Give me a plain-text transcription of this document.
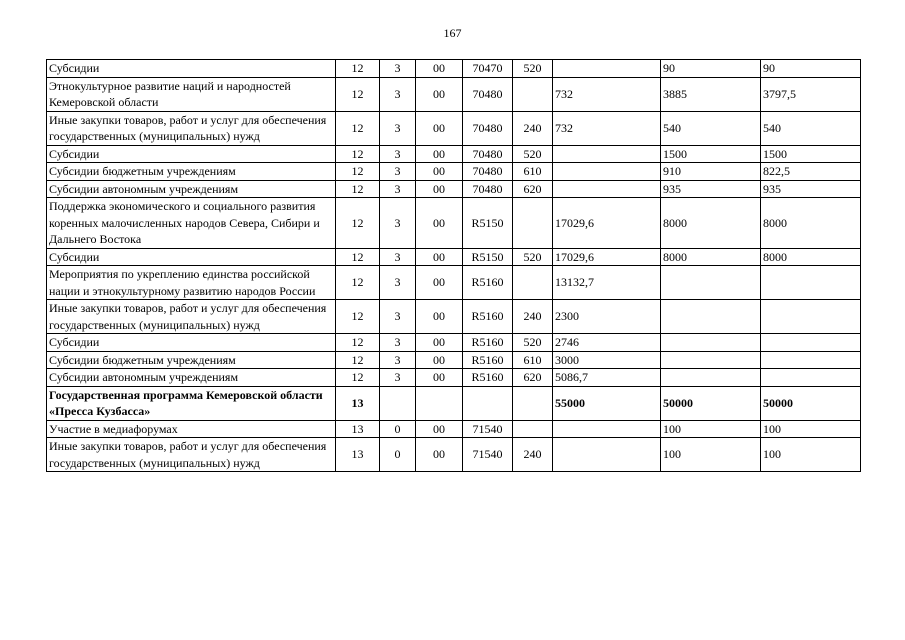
167
Субсидии	12	3	00	70470	520		90	90
Этнокультурное развитие наций и народностей Кемеровской области	12	3	00	70480		732	3885	3797,5
Иные закупки товаров, работ и услуг для обеспечения государственных (муниципальных) нужд	12	3	00	70480	240	732	540	540
Субсидии	12	3	00	70480	520		1500	1500
Субсидии бюджетным учреждениям	12	3	00	70480	610		910	822,5
Субсидии автономным учреждениям	12	3	00	70480	620		935	935
Поддержка экономического и социального развития коренных малочисленных народов Севера, Сибири и Дальнего Востока	12	3	00	R5150		17029,6	8000	8000
Субсидии	12	3	00	R5150	520	17029,6	8000	8000
Мероприятия по укреплению единства российской нации и этнокультурному развитию народов России	12	3	00	R5160		13132,7		
Иные закупки товаров, работ и услуг для обеспечения государственных (муниципальных) нужд	12	3	00	R5160	240	2300		
Субсидии	12	3	00	R5160	520	2746		
Субсидии бюджетным учреждениям	12	3	00	R5160	610	3000		
Субсидии автономным учреждениям	12	3	00	R5160	620	5086,7		
Государственная программа Кемеровской области «Пресса Кузбасса»	13					55000	50000	50000
Участие в медиафорумах	13	0	00	71540			100	100
Иные закупки товаров, работ и услуг для обеспечения государственных (муниципальных) нужд	13	0	00	71540	240		100	100
